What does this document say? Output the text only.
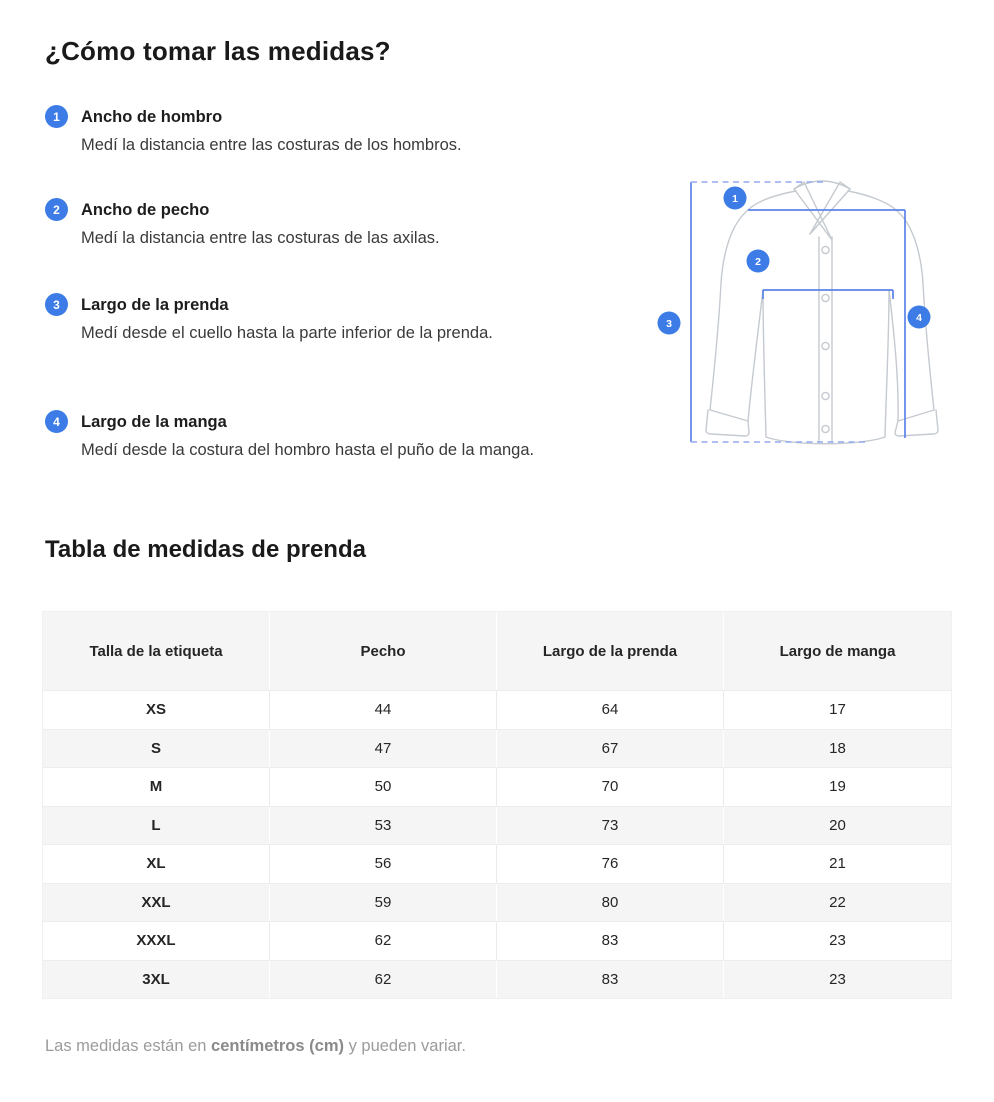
¿Cómo tomar las medidas?
1	Ancho de hombro
Medí la distancia entre las costuras de los hombros.
2	Ancho de pecho
Medí la distancia entre las costuras de las axilas.
3	Largo de la prenda
Medí desde el cuello hasta la parte inferior de la prenda.
4	Largo de la manga
Medí desde la costura del hombro hasta el puño de la manga.
1
2
3	4
Tabla de medidas de prenda
Talla de la etiqueta	Pecho	Largo de la prenda	Largo de manga
XS	44	64	17
S	47	67	18
M	50	70	19
L	53	73	20
XL	56	76	21
XXL	59	80	22
XXXL	62	83	23
3XL	62	83	23

Las medidas están en centímetros (cm) y pueden variar.
